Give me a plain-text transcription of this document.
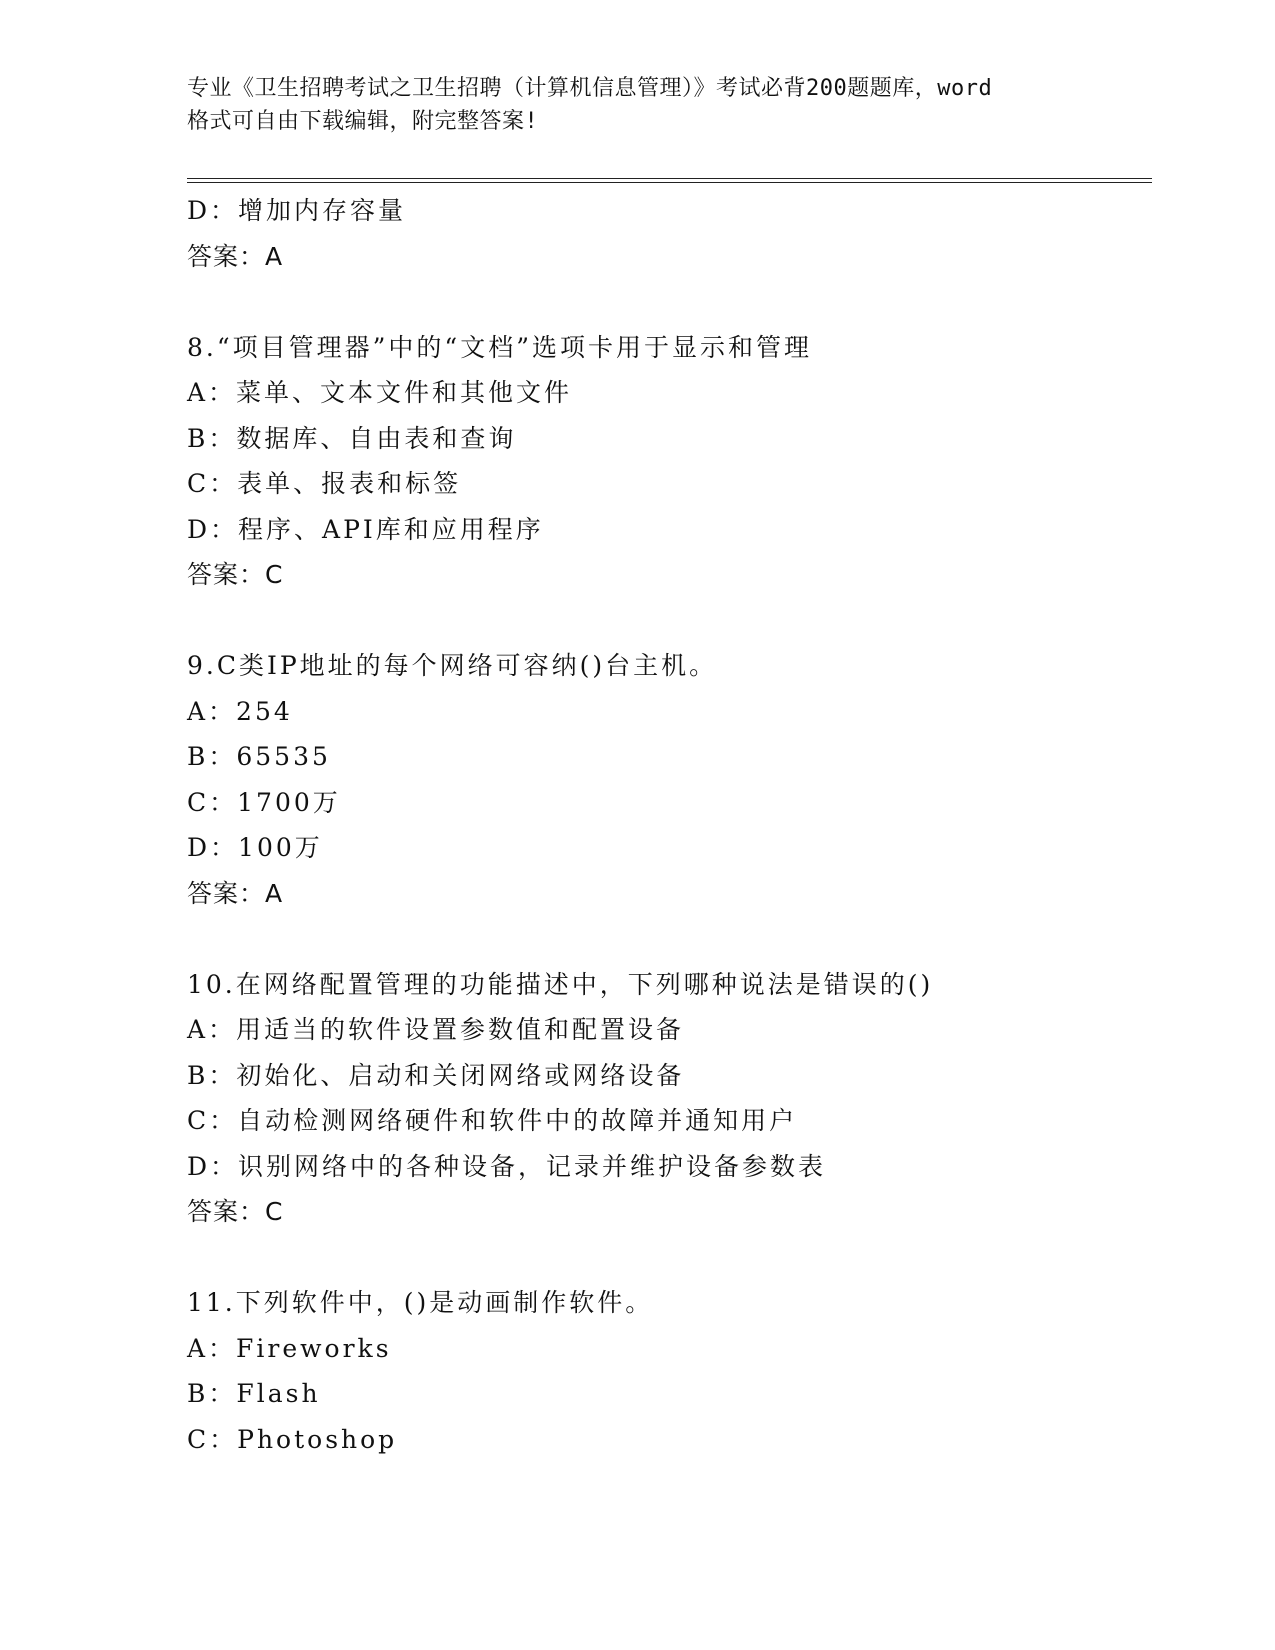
专业《卫生招聘考试之卫生招聘（计算机信息管理）》考试必背200题题库，word
格式可自由下载编辑，附完整答案!
D：增加内存容量
答案：A
8.“项目管理器”中的“文档”选项卡用于显示和管理
A：菜单、文本文件和其他文件
B：数据库、自由表和查询
C：表单、报表和标签
D：程序、API库和应用程序
答案：C
9.C类IP地址的每个网络可容纳()台主机。
A：254
B：65535
C：1700万
D：100万
答案：A
10.在网络配置管理的功能描述中，下列哪种说法是错误的()
A：用适当的软件设置参数值和配置设备
B：初始化、启动和关闭网络或网络设备
C：自动检测网络硬件和软件中的故障并通知用户
D：识别网络中的各种设备，记录并维护设备参数表
答案：C
11.下列软件中，()是动画制作软件。
A：Fireworks
B：Flash
C：Photoshop
